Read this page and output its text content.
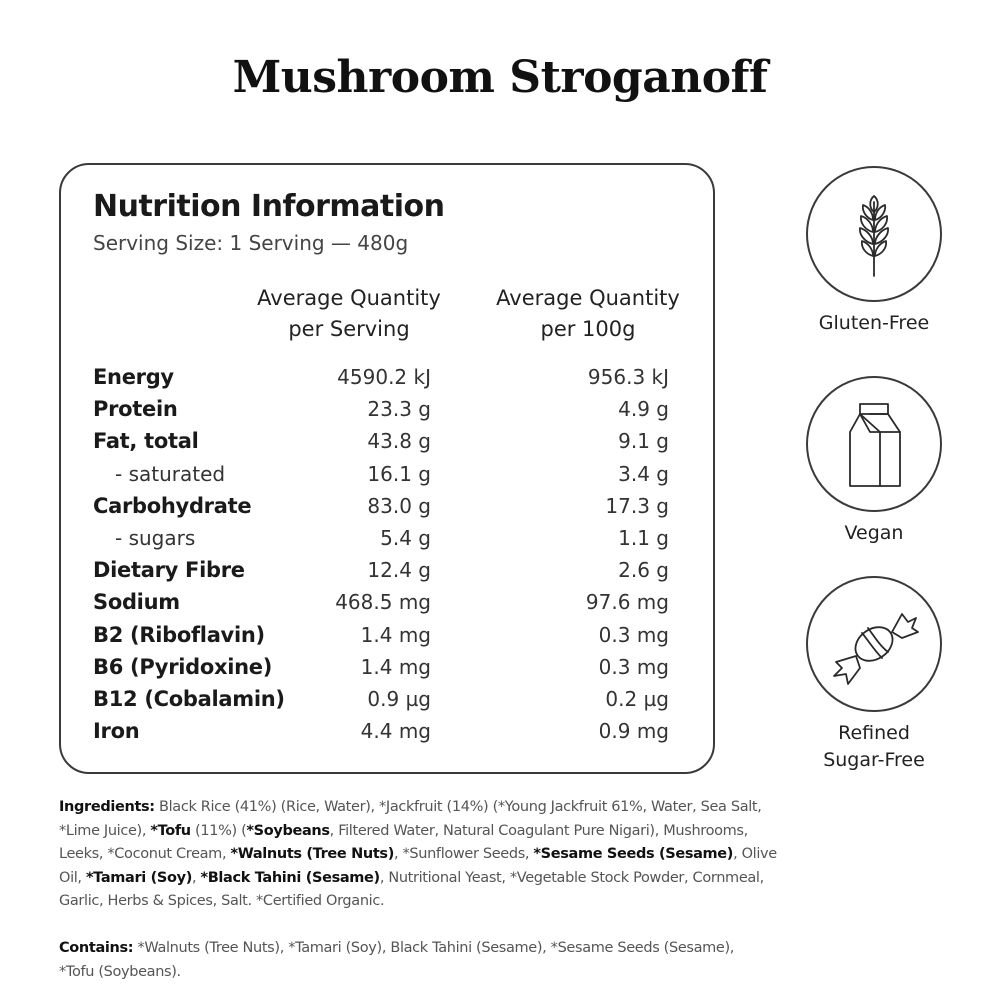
Mushroom Stroganoff
Nutrition Information
Serving Size: 1 Serving — 480g
Average Quantity
per Serving
Average Quantity
per 100g
Energy	4590.2 kJ	956.3 kJ
Protein	23.3 g	4.9 g
Fat, total	43.8 g	9.1 g
- saturated	16.1 g	3.4 g
Carbohydrate	83.0 g	17.3 g
- sugars	5.4 g	1.1 g
Dietary Fibre	12.4 g	2.6 g
Sodium	468.5 mg	97.6 mg
B2 (Riboflavin)	1.4 mg	0.3 mg
B6 (Pyridoxine)	1.4 mg	0.3 mg
B12 (Cobalamin)	0.9 µg	0.2 µg
Iron	4.4 mg	0.9 mg
Gluten-Free
Vegan
Refined
Sugar-Free
Ingredients: Black Rice (41%) (Rice, Water), *Jackfruit (14%) (*Young Jackfruit 61%, Water, Sea Salt, *Lime Juice), *Tofu (11%) (*Soybeans, Filtered Water, Natural Coagulant Pure Nigari), Mushrooms, Leeks, *Coconut Cream, *Walnuts (Tree Nuts), *Sunflower Seeds, *Sesame Seeds (Sesame), Olive Oil, *Tamari (Soy), *Black Tahini (Sesame), Nutritional Yeast, *Vegetable Stock Powder, Cornmeal, Garlic, Herbs & Spices, Salt. *Certified Organic.
Contains: *Walnuts (Tree Nuts), *Tamari (Soy), Black Tahini (Sesame), *Sesame Seeds (Sesame), *Tofu (Soybeans).
